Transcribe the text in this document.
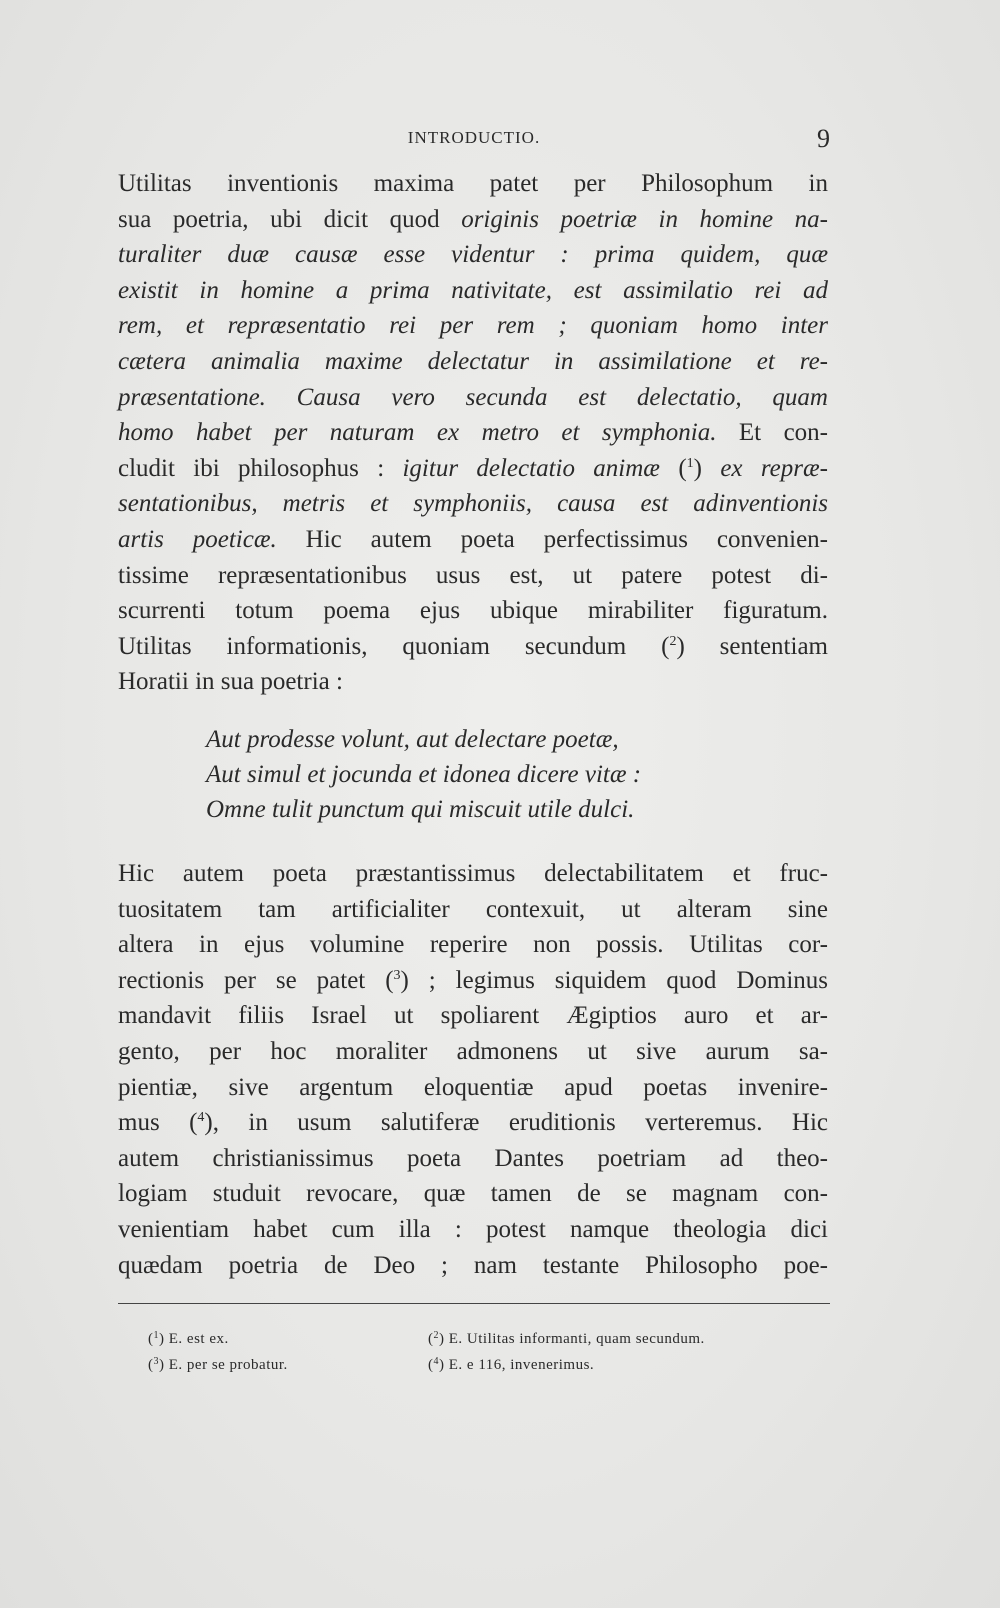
INTRODUCTIO.	9
Utilitas inventionis maxima patet per Philosophum in
sua poetria, ubi dicit quod originis poetriæ in homine na-
turaliter duæ causæ esse videntur : prima quidem, quæ
existit in homine a prima nativitate, est assimilatio rei ad
rem, et repræsentatio rei per rem ; quoniam homo inter
cætera animalia maxime delectatur in assimilatione et re-
præsentatione. Causa vero secunda est delectatio, quam
homo habet per naturam ex metro et symphonia. Et con-
cludit ibi philosophus : igitur delectatio animæ ($^1$) ex repræ-
sentationibus, metris et symphoniis, causa est adinventionis
artis poeticæ. Hic autem poeta perfectissimus convenien-
tissime repræsentationibus usus est, ut patere potest di-
scurrenti totum poema ejus ubique mirabiliter figuratum.
Utilitas informationis, quoniam secundum ($^2$) sententiam
Horatii in sua poetria :
Aut prodesse volunt, aut delectare poetæ,
Aut simul et jocunda et idonea dicere vitæ :
Omne tulit punctum qui miscuit utile dulci.
Hic autem poeta præstantissimus delectabilitatem et fruc-
tuositatem tam artificialiter contexuit, ut alteram sine
altera in ejus volumine reperire non possis. Utilitas cor-
rectionis per se patet ($^3$) ; legimus siquidem quod Dominus
mandavit filiis Israel ut spoliarent Ægiptios auro et ar-
gento, per hoc moraliter admonens ut sive aurum sa-
pientiæ, sive argentum eloquentiæ apud poetas invenire-
mus ($^4$), in usum salutiferæ eruditionis verteremus. Hic
autem christianissimus poeta Dantes poetriam ad theo-
logiam studuit revocare, quæ tamen de se magnam con-
venientiam habet cum illa : potest namque theologia dici
quædam poetria de Deo ; nam testante Philosopho poe-
($^1$) E. est ex.	($^2$) E. Utilitas informanti, quam secundum.
($^3$) E. per se probatur.	($^4$) E. e 116, invenerimus.
